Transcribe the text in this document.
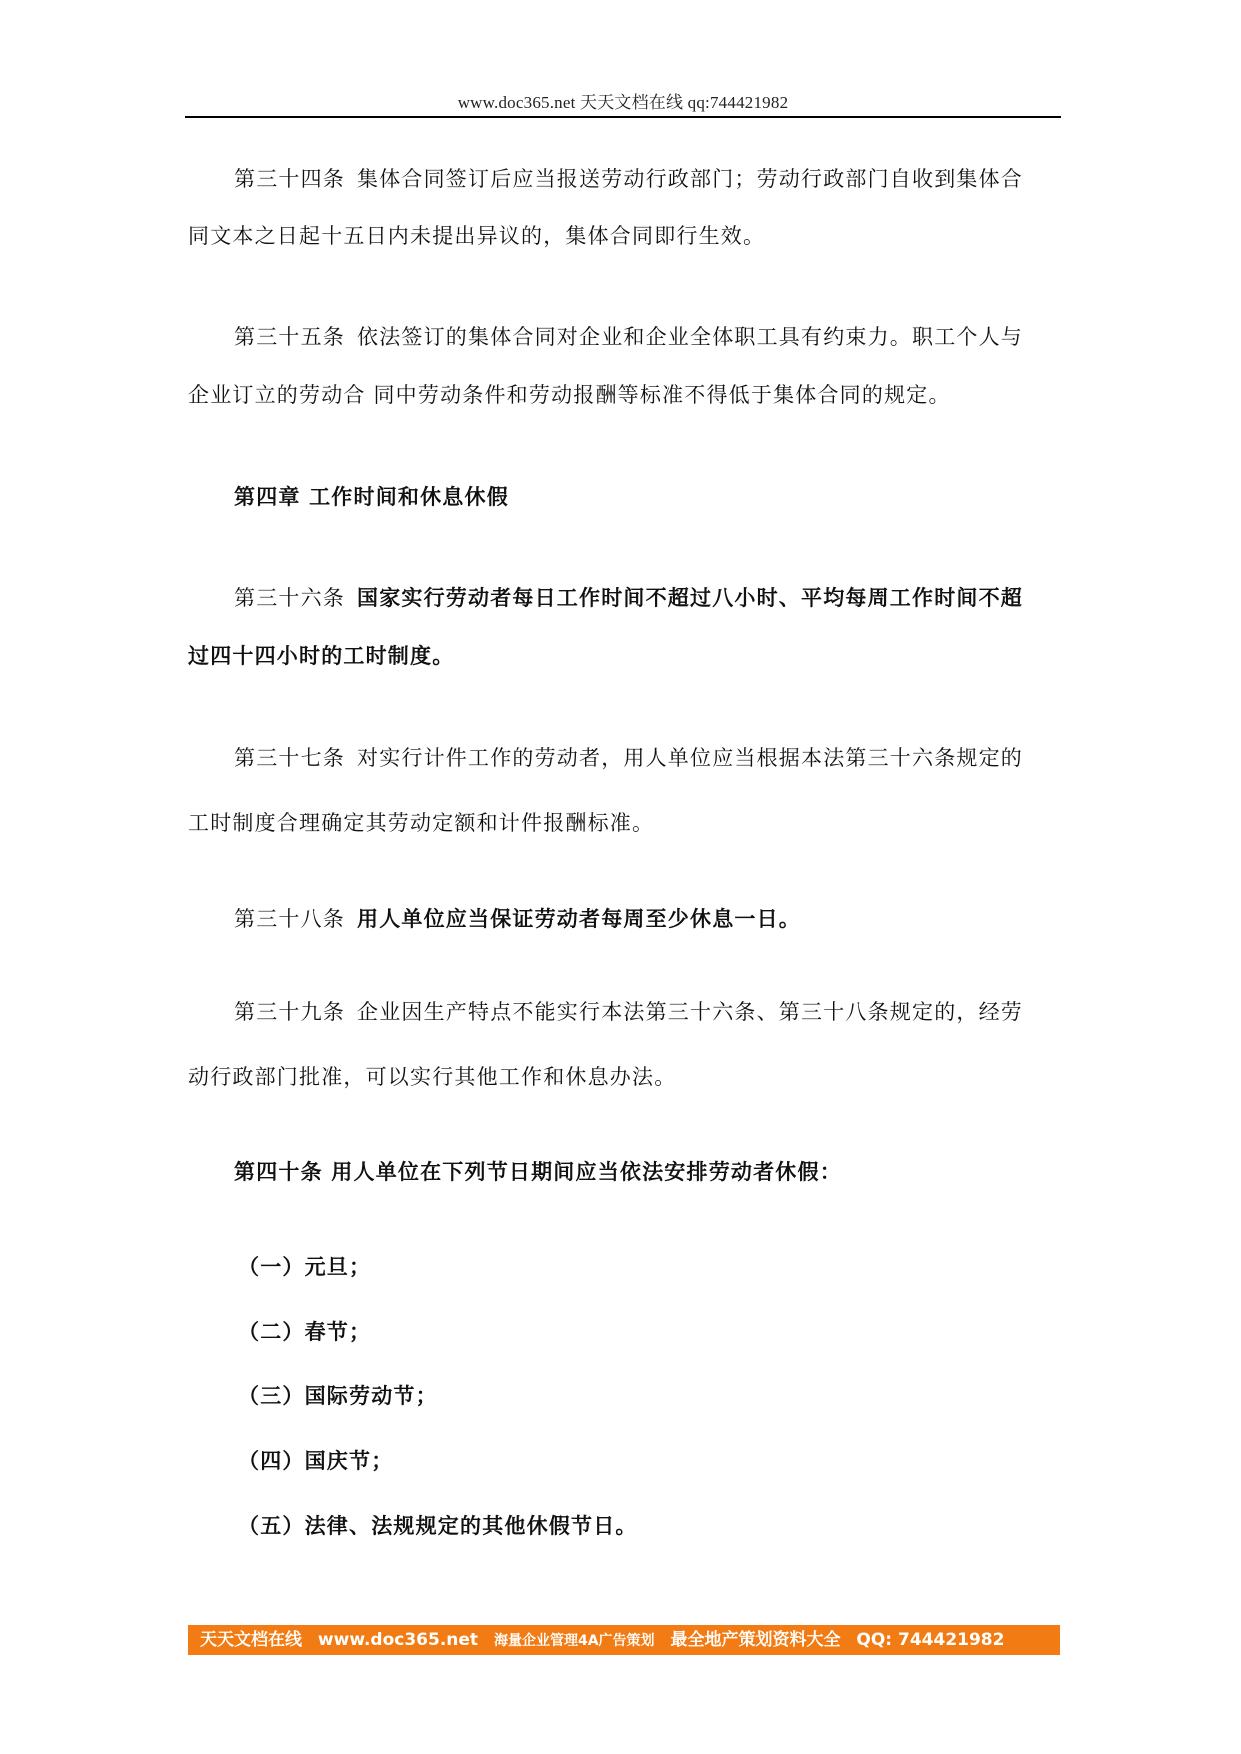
www.doc365.net 天天文档在线 qq:744421982
第三十四条 集体合同签订后应当报送劳动行政部门；劳动行政部门自收到集体合
同文本之日起十五日内未提出异议的，集体合同即行生效。
第三十五条 依法签订的集体合同对企业和企业全体职工具有约束力。职工个人与
企业订立的劳动合 同中劳动条件和劳动报酬等标准不得低于集体合同的规定。
第四章 工作时间和休息休假
第三十六条 国家实行劳动者每日工作时间不超过八小时、平均每周工作时间不超
过四十四小时的工时制度。
第三十七条 对实行计件工作的劳动者，用人单位应当根据本法第三十六条规定的
工时制度合理确定其劳动定额和计件报酬标准。
第三十八条 用人单位应当保证劳动者每周至少休息一日。
第三十九条 企业因生产特点不能实行本法第三十六条、第三十八条规定的，经劳
动行政部门批准，可以实行其他工作和休息办法。
第四十条 用人单位在下列节日期间应当依法安排劳动者休假：
（一）元旦；
（二）春节；
（三）国际劳动节；
（四）国庆节；
（五）法律、法规规定的其他休假节日。
天天文档在线 www.doc365.net 海量企业管理4A广告策划 最全地产策划资料大全 QQ: 744421982
